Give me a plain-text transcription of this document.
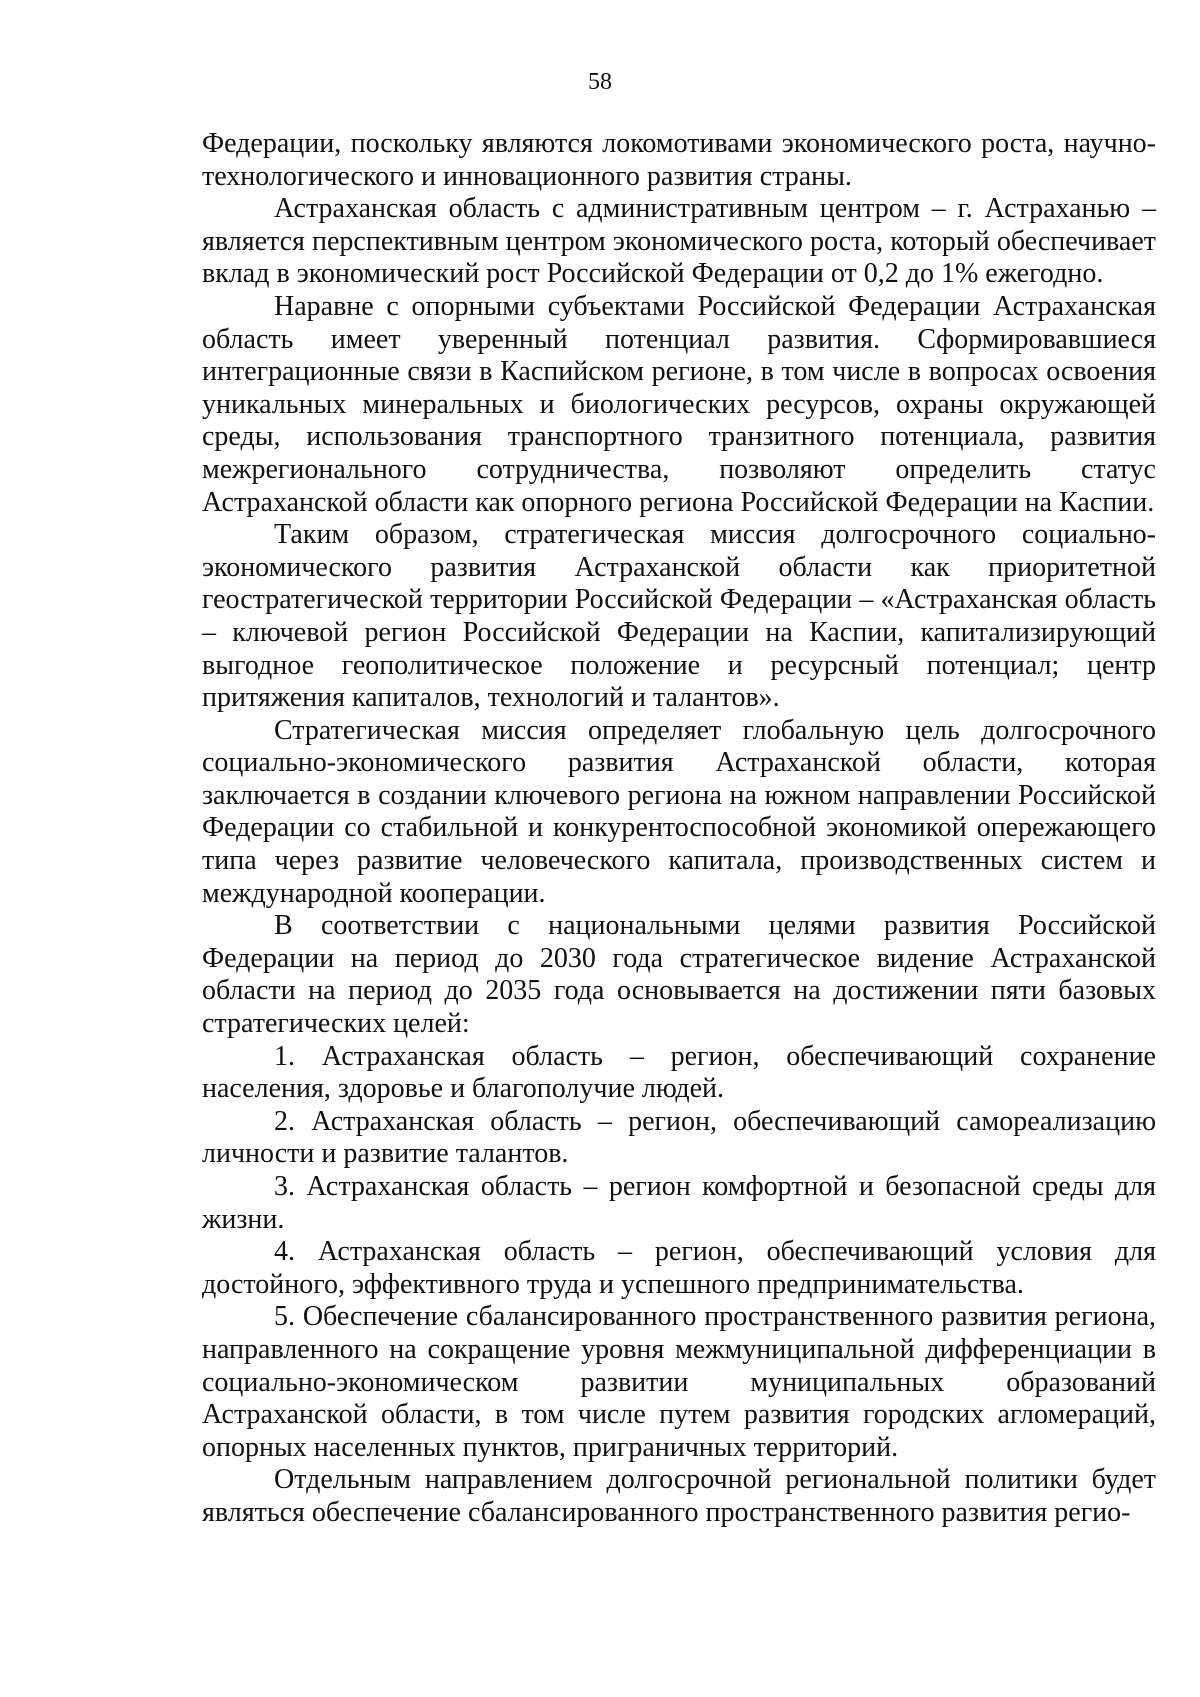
58

Федерации, поскольку являются локомотивами экономического роста, научно-технологического и инновационного развития страны.

Астраханская область с административным центром – г. Астраханью – является перспективным центром экономического роста, который обеспечивает вклад в экономический рост Российской Федерации от 0,2 до 1% ежегодно.

Наравне с опорными субъектами Российской Федерации Астраханская область имеет уверенный потенциал развития. Сформировавшиеся интеграционные связи в Каспийском регионе, в том числе в вопросах освоения уникальных минеральных и биологических ресурсов, охраны окружающей среды, использования транспортного транзитного потенциала, развития межрегионального сотрудничества, позволяют определить статус Астраханской области как опорного региона Российской Федерации на Каспии.

Таким образом, стратегическая миссия долгосрочного социально-экономического развития Астраханской области как приоритетной геостратегической территории Российской Федерации – «Астраханская область – ключевой регион Российской Федерации на Каспии, капитализирующий выгодное геополитическое положение и ресурсный потенциал; центр притяжения капиталов, технологий и талантов».

Стратегическая миссия определяет глобальную цель долгосрочного социально-экономического развития Астраханской области, которая заключается в создании ключевого региона на южном направлении Российской Федерации со стабильной и конкурентоспособной экономикой опережающего типа через развитие человеческого капитала, производственных систем и международной кооперации.

В соответствии с национальными целями развития Российской Федерации на период до 2030 года стратегическое видение Астраханской области на период до 2035 года основывается на достижении пяти базовых стратегических целей:

1. Астраханская область – регион, обеспечивающий сохранение населения, здоровье и благополучие людей.

2. Астраханская область – регион, обеспечивающий самореализацию личности и развитие талантов.

3. Астраханская область – регион комфортной и безопасной среды для жизни.

4. Астраханская область – регион, обеспечивающий условия для достойного, эффективного труда и успешного предпринимательства.

5. Обеспечение сбалансированного пространственного развития региона, направленного на сокращение уровня межмуниципальной дифференциации в социально-экономическом развитии муниципальных образований Астраханской области, в том числе путем развития городских агломераций, опорных населенных пунктов, приграничных территорий.

Отдельным направлением долгосрочной региональной политики будет являться обеспечение сбалансированного пространственного развития регио-
